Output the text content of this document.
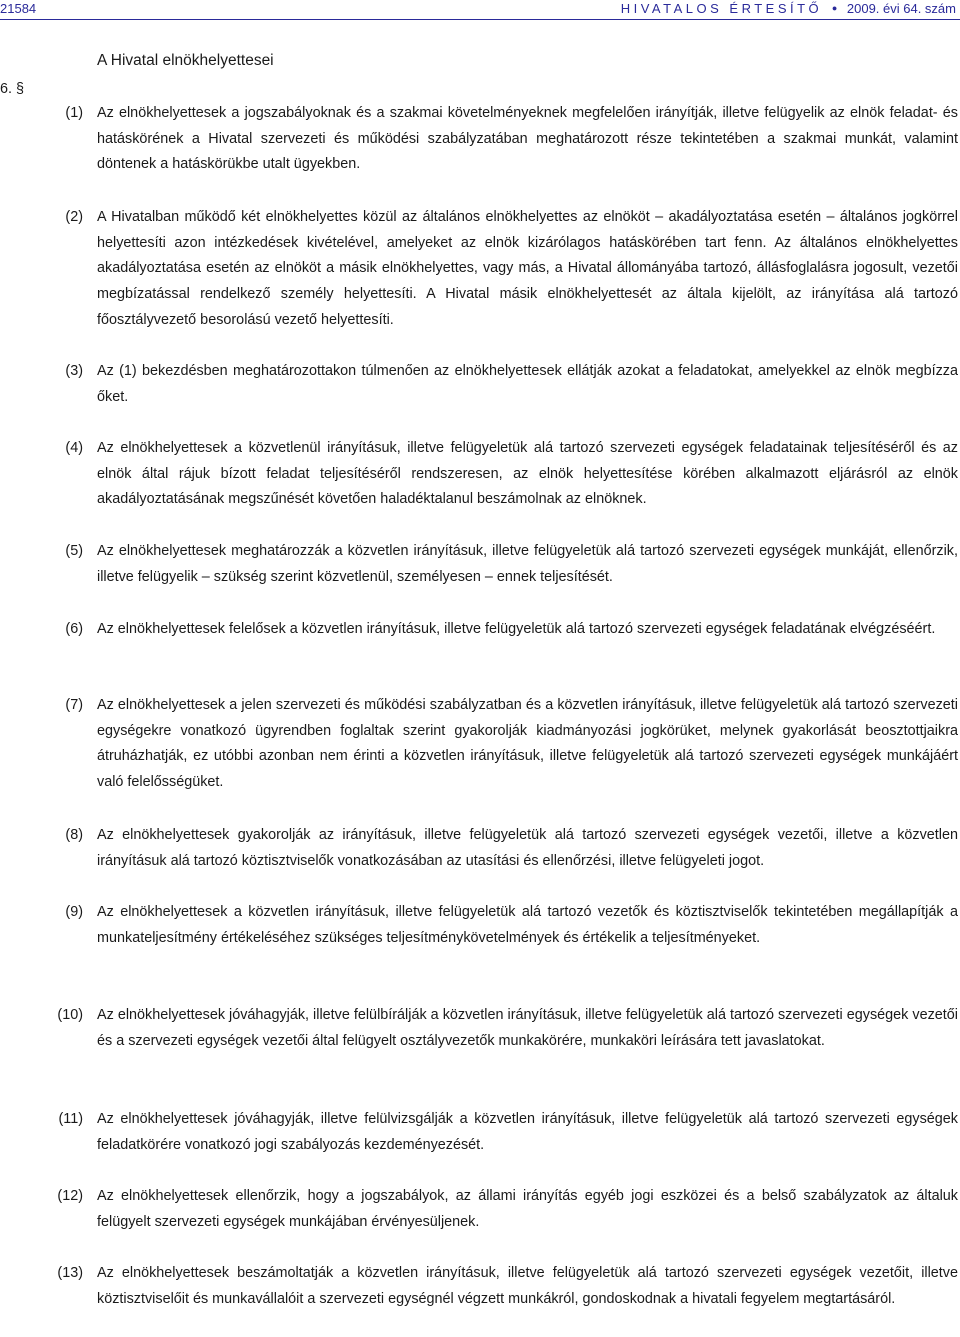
21584	HIVATALOS ÉRTESÍTŐ ● 2009. évi 64. szám
A Hivatal elnökhelyettesei
6. §
(1) Az elnökhelyettesek a jogszabályoknak és a szakmai követelményeknek megfelelően irányítják, illetve felügyelik az elnök feladat- és hatáskörének a Hivatal szervezeti és működési szabályzatában meghatározott része tekintetében a szakmai munkát, valamint döntenek a hatáskörükbe utalt ügyekben.
(2) A Hivatalban működő két elnökhelyettes közül az általános elnökhelyettes az elnököt – akadályoztatása esetén – általános jogkörrel helyettesíti azon intézkedések kivételével, amelyeket az elnök kizárólagos hatáskörében tart fenn. Az általános elnökhelyettes akadályoztatása esetén az elnököt a másik elnökhelyettes, vagy más, a Hivatal állományába tartozó, állásfoglalásra jogosult, vezetői megbízatással rendelkező személy helyettesíti. A Hivatal másik elnökhelyettesét az általa kijelölt, az irányítása alá tartozó főosztályvezető besorolású vezető helyettesíti.
(3) Az (1) bekezdésben meghatározottakon túlmenően az elnökhelyettesek ellátják azokat a feladatokat, amelyekkel az elnök megbízza őket.
(4) Az elnökhelyettesek a közvetlenül irányításuk, illetve felügyeletük alá tartozó szervezeti egységek feladatainak teljesítéséről és az elnök által rájuk bízott feladat teljesítéséről rendszeresen, az elnök helyettesítése körében alkalmazott eljárásról az elnök akadályoztatásának megszűnését követően haladéktalanul beszámolnak az elnöknek.
(5) Az elnökhelyettesek meghatározzák a közvetlen irányításuk, illetve felügyeletük alá tartozó szervezeti egységek munkáját, ellenőrzik, illetve felügyelik – szükség szerint közvetlenül, személyesen – ennek teljesítését.
(6) Az elnökhelyettesek felelősek a közvetlen irányításuk, illetve felügyeletük alá tartozó szervezeti egységek feladatának elvégzéséért.
(7) Az elnökhelyettesek a jelen szervezeti és működési szabályzatban és a közvetlen irányításuk, illetve felügyeletük alá tartozó szervezeti egységekre vonatkozó ügyrendben foglaltak szerint gyakorolják kiadmányozási jogkörüket, melynek gyakorlását beosztottjaikra átruházhatják, ez utóbbi azonban nem érinti a közvetlen irányításuk, illetve felügyeletük alá tartozó szervezeti egységek munkájáért való felelősségüket.
(8) Az elnökhelyettesek gyakorolják az irányításuk, illetve felügyeletük alá tartozó szervezeti egységek vezetői, illetve a közvetlen irányításuk alá tartozó köztisztviselők vonatkozásában az utasítási és ellenőrzési, illetve felügyeleti jogot.
(9) Az elnökhelyettesek a közvetlen irányításuk, illetve felügyeletük alá tartozó vezetők és köztisztviselők tekintetében megállapítják a munkateljesítmény értékeléséhez szükséges teljesítménykövetelmények és értékelik a teljesítményeket.
(10) Az elnökhelyettesek jóváhagyják, illetve felülbírálják a közvetlen irányításuk, illetve felügyeletük alá tartozó szervezeti egységek vezetői és a szervezeti egységek vezetői által felügyelt osztályvezetők munkakörére, munkaköri leírására tett javaslatokat.
(11) Az elnökhelyettesek jóváhagyják, illetve felülvizsgálják a közvetlen irányításuk, illetve felügyeletük alá tartozó szervezeti egységek feladatkörére vonatkozó jogi szabályozás kezdeményezését.
(12) Az elnökhelyettesek ellenőrzik, hogy a jogszabályok, az állami irányítás egyéb jogi eszközei és a belső szabályzatok az általuk felügyelt szervezeti egységek munkájában érvényesüljenek.
(13) Az elnökhelyettesek beszámoltatják a közvetlen irányításuk, illetve felügyeletük alá tartozó szervezeti egységek vezetőit, illetve köztisztviselőit és munkavállalóit a szervezeti egységnél végzett munkákról, gondoskodnak a hivatali fegyelem megtartásáról.
